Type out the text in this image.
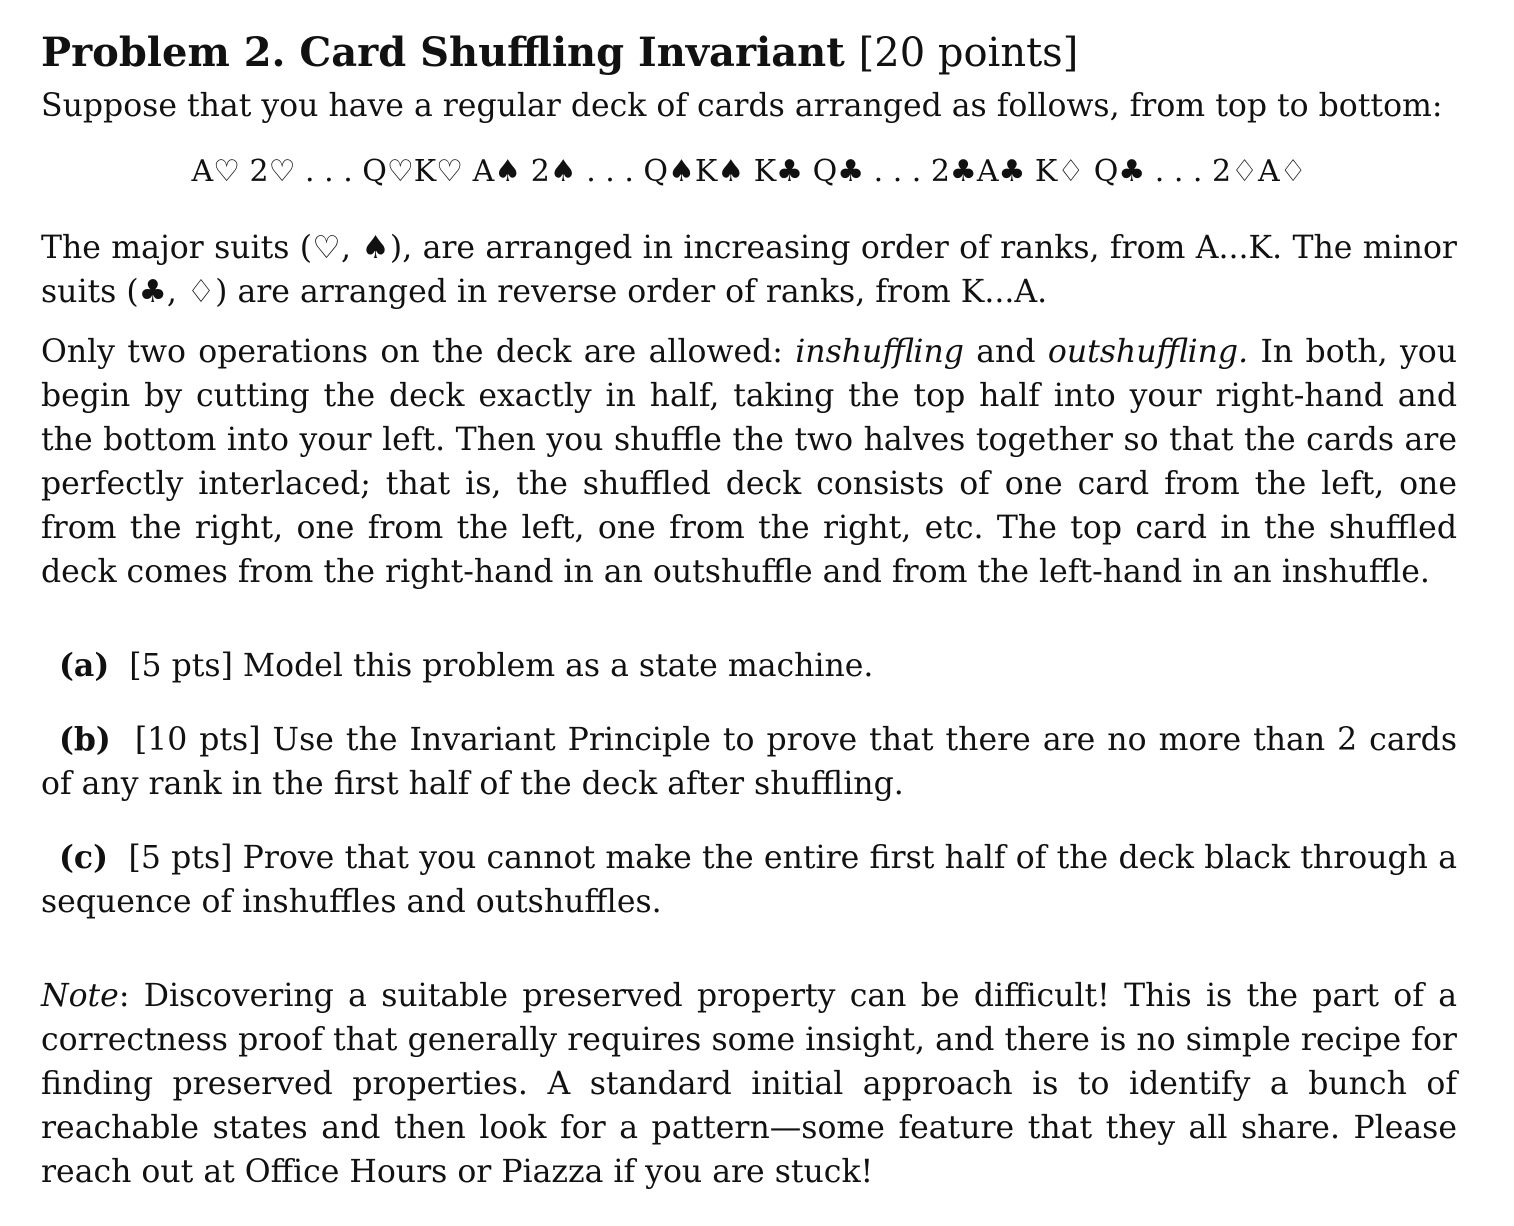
Problem 2. Card Shuffling Invariant [20 points]

Suppose that you have a regular deck of cards arranged as follows, from top to bottom:

A♡ 2♡ . . . Q♡K♡ A♠ 2♠ . . . Q♠K♠ K♣ Q♣ . . . 2♣A♣ K♢ Q♣ . . . 2♢A♢

The major suits (♡, ♠), are arranged in increasing order of ranks, from A...K. The minor suits (♣, ♢) are arranged in reverse order of ranks, from K...A.

Only two operations on the deck are allowed: inshuffling and outshuffling. In both, you begin by cutting the deck exactly in half, taking the top half into your right-hand and the bottom into your left. Then you shuffle the two halves together so that the cards are perfectly interlaced; that is, the shuffled deck consists of one card from the left, one from the right, one from the left, one from the right, etc. The top card in the shuffled deck comes from the right-hand in an outshuffle and from the left-hand in an inshuffle.

(a) [5 pts] Model this problem as a state machine.

(b) [10 pts] Use the Invariant Principle to prove that there are no more than 2 cards of any rank in the first half of the deck after shuffling.

(c) [5 pts] Prove that you cannot make the entire first half of the deck black through a sequence of inshuffles and outshuffles.

Note: Discovering a suitable preserved property can be difficult! This is the part of a correctness proof that generally requires some insight, and there is no simple recipe for finding preserved properties. A standard initial approach is to identify a bunch of reachable states and then look for a pattern—some feature that they all share. Please reach out at Office Hours or Piazza if you are stuck!
